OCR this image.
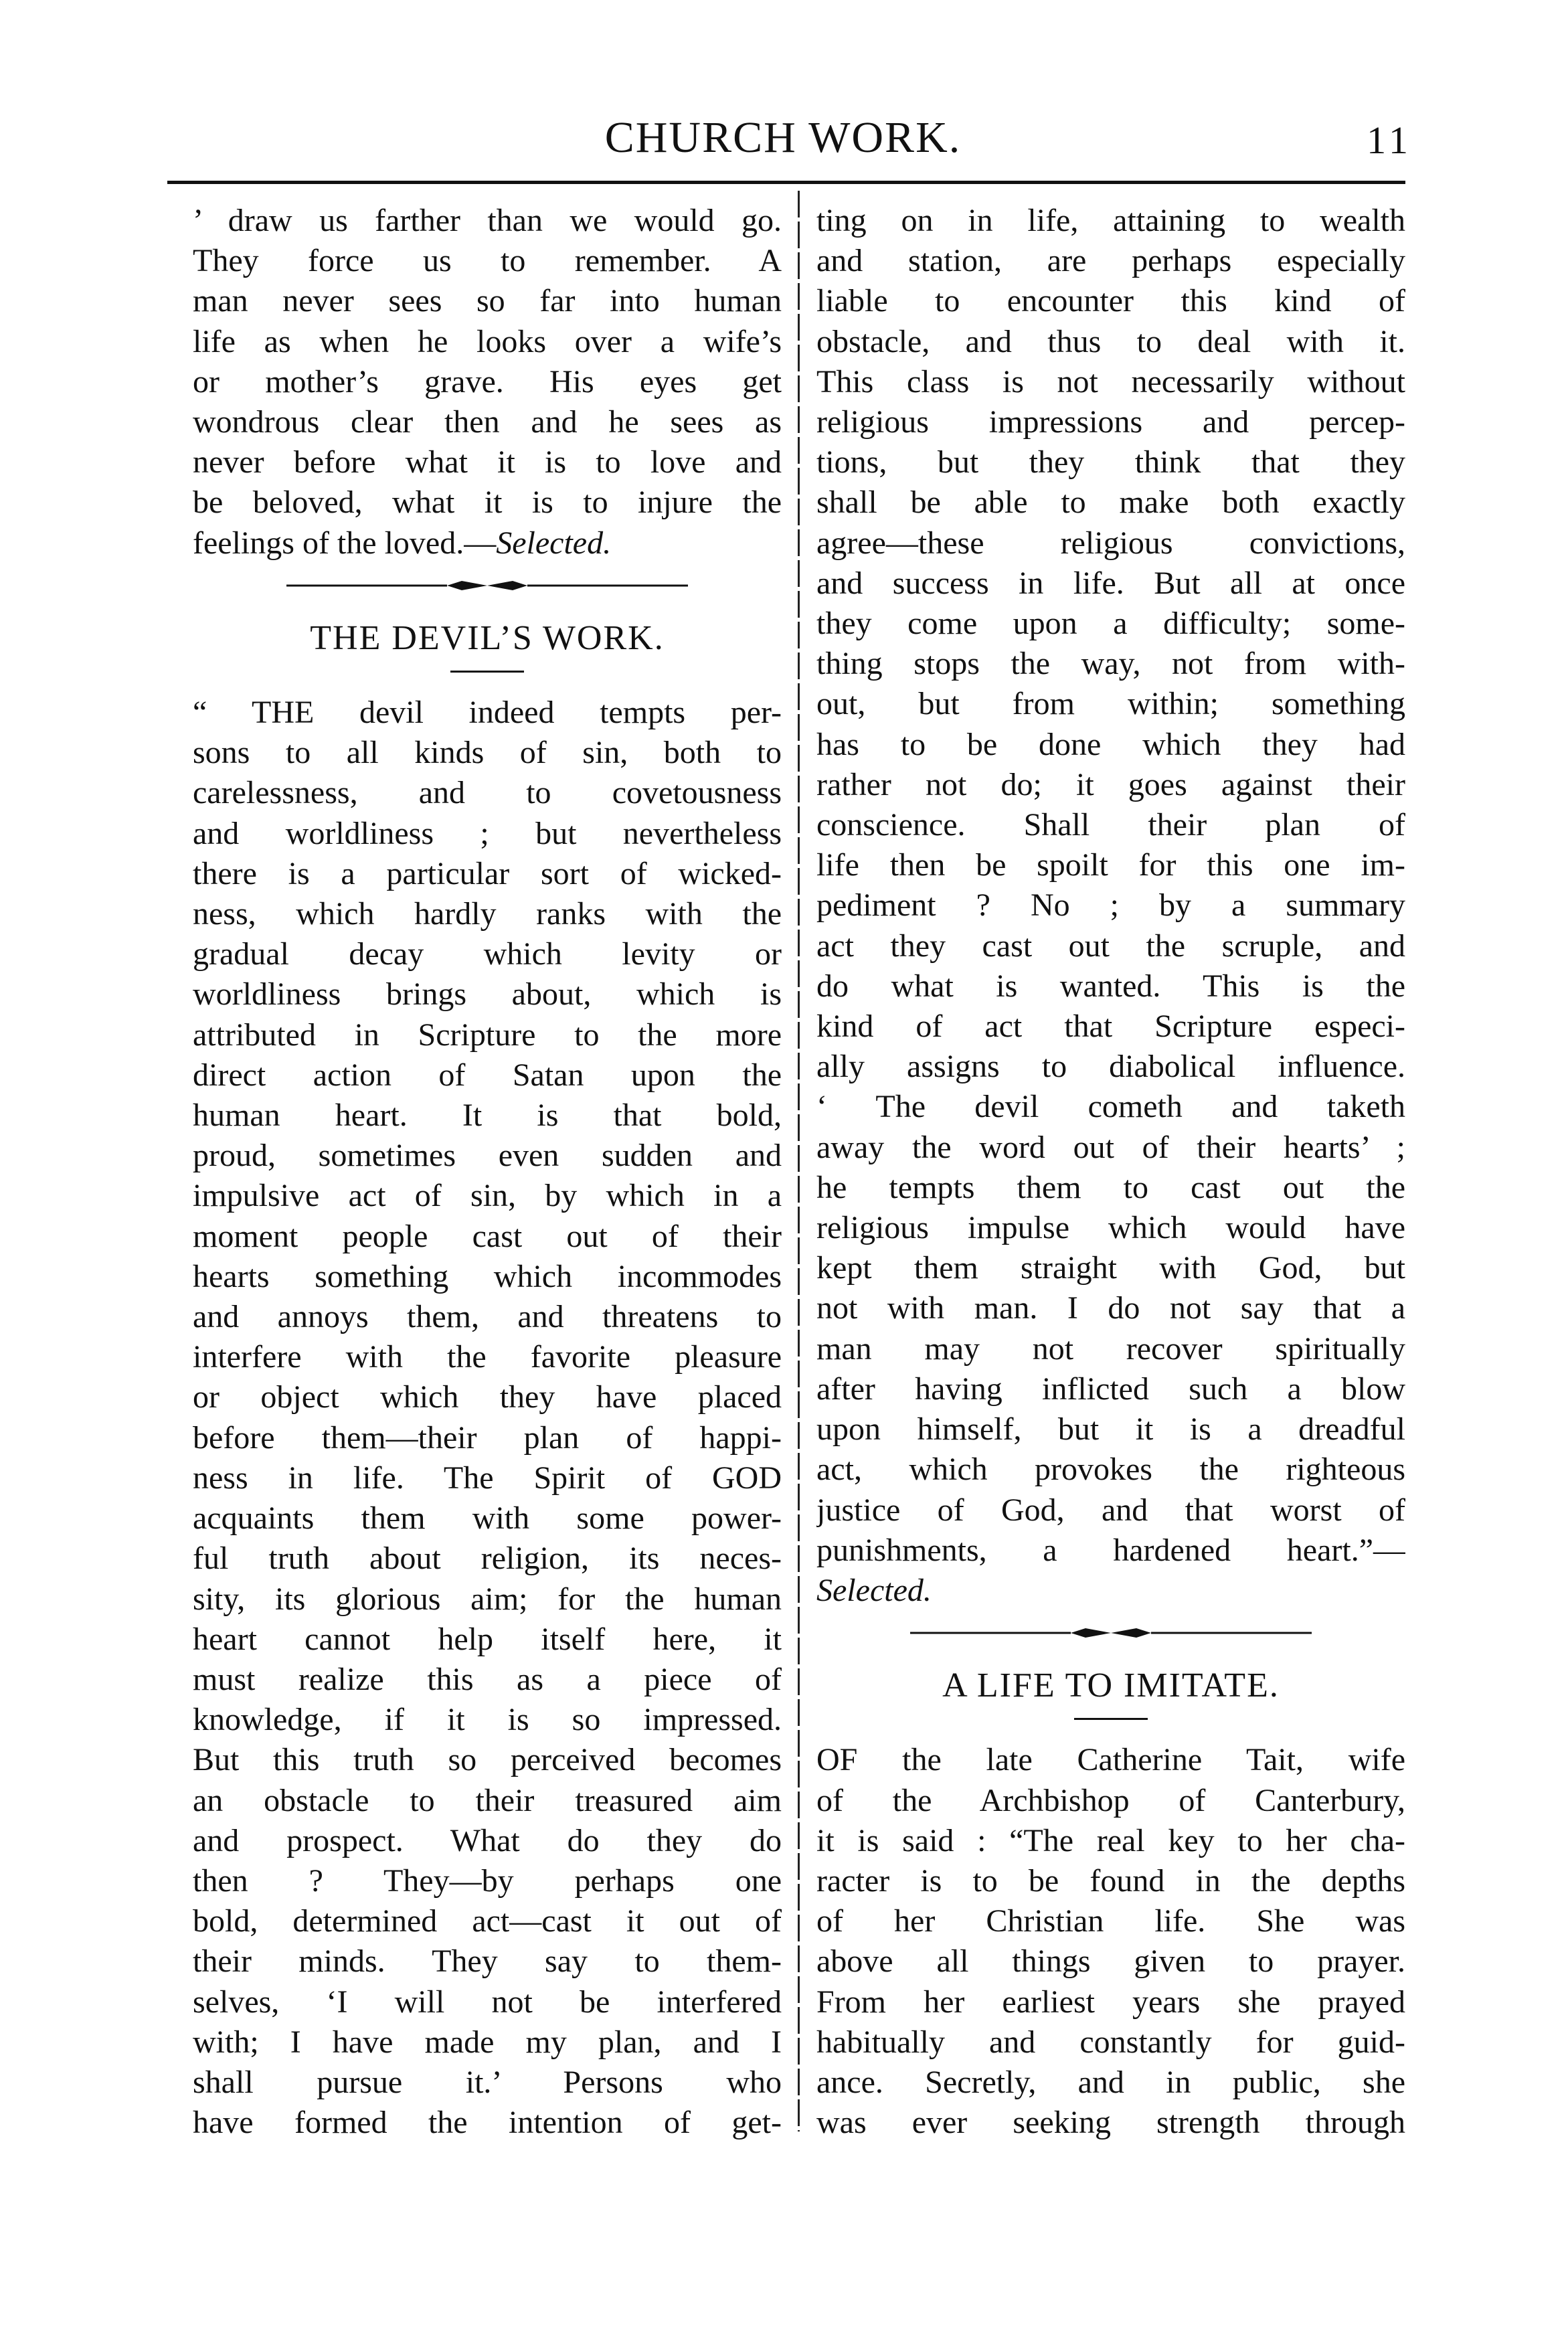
CHURCH WORK.	11
’ draw us farther than we would go.
They force us to remember. A
man never sees so far into human
life as when he looks over a wife’s
or mother’s grave. His eyes get
wondrous clear then and he sees as
never before what it is to love and
be beloved, what it is to injure the
feelings of the loved.—Selected.
THE DEVIL’S WORK.
“ THE devil indeed tempts per-
sons to all kinds of sin, both to
carelessness, and to covetousness
and worldliness ; but nevertheless
there is a particular sort of wicked-
ness, which hardly ranks with the
gradual decay which levity or
worldliness brings about, which is
attributed in Scripture to the more
direct action of Satan upon the
human heart. It is that bold,
proud, sometimes even sudden and
impulsive act of sin, by which in a
moment people cast out of their
hearts something which incommodes
and annoys them, and threatens to
interfere with the favorite pleasure
or object which they have placed
before them—their plan of happi-
ness in life. The Spirit of GOD
acquaints them with some power-
ful truth about religion, its neces-
sity, its glorious aim; for the human
heart cannot help itself here, it
must realize this as a piece of
knowledge, if it is so impressed.
But this truth so perceived becomes
an obstacle to their treasured aim
and prospect. What do they do
then ? They—by perhaps one
bold, determined act—cast it out of
their minds. They say to them-
selves, ‘I will not be interfered
with; I have made my plan, and I
shall pursue it.’ Persons who
have formed the intention of get-
ting on in life, attaining to wealth
and station, are perhaps especially
liable to encounter this kind of
obstacle, and thus to deal with it.
This class is not necessarily without
religious impressions and percep-
tions, but they think that they
shall be able to make both exactly
agree—these religious convictions,
and success in life. But all at once
they come upon a difficulty; some-
thing stops the way, not from with-
out, but from within; something
has to be done which they had
rather not do; it goes against their
conscience. Shall their plan of
life then be spoilt for this one im-
pediment ? No ; by a summary
act they cast out the scruple, and
do what is wanted. This is the
kind of act that Scripture especi-
ally assigns to diabolical influence.
‘ The devil cometh and taketh
away the word out of their hearts’ ;
he tempts them to cast out the
religious impulse which would have
kept them straight with God, but
not with man. I do not say that a
man may not recover spiritually
after having inflicted such a blow
upon himself, but it is a dreadful
act, which provokes the righteous
justice of God, and that worst of
punishments, a hardened heart.”—
Selected.
A LIFE TO IMITATE.
OF the late Catherine Tait, wife
of the Archbishop of Canterbury,
it is said : “The real key to her cha-
racter is to be found in the depths
of her Christian life. She was
above all things given to prayer.
From her earliest years she prayed
habitually and constantly for guid-
ance. Secretly, and in public, she
was ever seeking strength through
